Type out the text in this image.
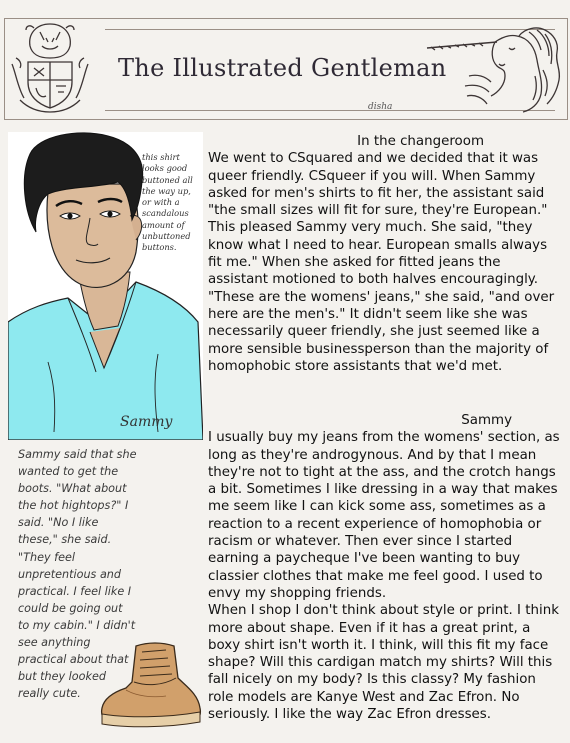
The Illustrated Gentleman
disha
this shirt
looks good
buttoned all
the way up,
or with a
scandalous
amount of
unbuttoned
buttons.
Sammy

In the changeroom

We went to CSquared and we decided that it was queer friendly. CSqueer if you will. When Sammy asked for men's shirts to fit her, the assistant said "the small sizes will fit for sure, they're European." This pleased Sammy very much. She said, "they know what I need to hear. European smalls always fit me." When she asked for fitted jeans the assistant motioned to both halves encouragingly. "These are the womens' jeans," she said, "and over here are the men's." It didn't seem like she was necessarily queer friendly, she just seemed like a more sensible businessperson than the majority of homophobic store assistants that we'd met.

Sammy

I usually buy my jeans from the womens' section, as long as they're androgynous. And by that I mean they're not to tight at the ass, and the crotch hangs a bit. Sometimes I like dressing in a way that makes me seem like I can kick some ass, sometimes as a reaction to a recent experience of homophobia or racism or whatever. Then ever since I started earning a paycheque I've been wanting to buy classier clothes that make me feel good. I used to envy my shopping friends.

When I shop I don't think about style or print. I think more about shape. Even if it has a great print, a boxy shirt isn't worth it. I think, will this fit my face shape? Will this cardigan match my shirts? Will this fall nicely on my body? Is this classy? My fashion role models are Kanye West and Zac Efron. No seriously. I like the way Zac Efron dresses.

Sammy said that she
wanted to get the
boots. "What about
the hot hightops?" I
said. "No I like
these," she said.
"They feel
unpretentious and
practical. I feel like I
could be going out
to my cabin." I didn't
see anything
practical about that
but they looked
really cute.
